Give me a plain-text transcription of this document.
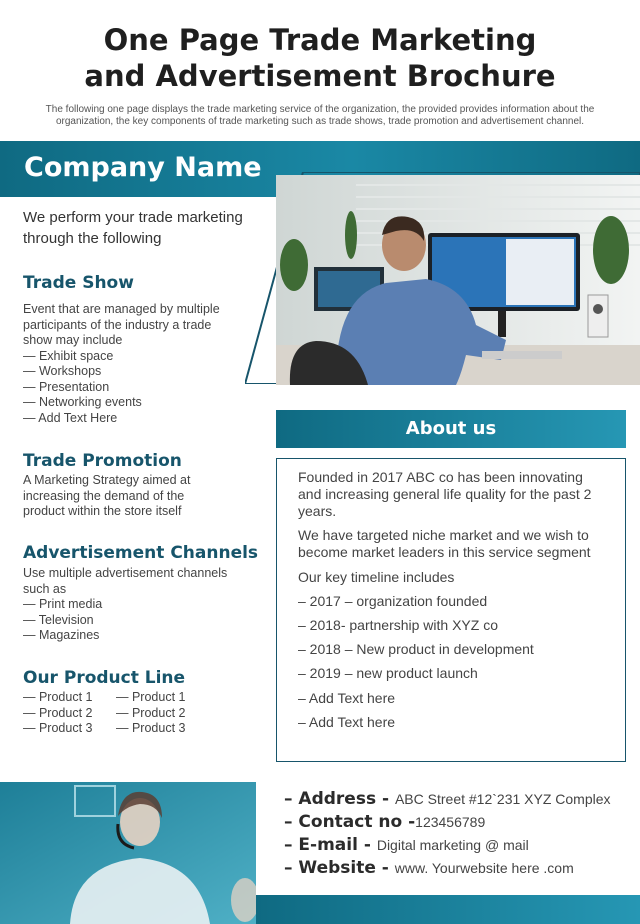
One Page Trade Marketing
and Advertisement Brochure
The following one page displays the trade marketing service of the organization, the provided provides information about the
organization, the key components of trade marketing such as trade shows, trade promotion and advertisement channel.
Company Name
We perform your trade marketing
through the following
Trade Show
Event that are managed by multiple
participants of the industry a trade
show may include
― Exhibit space
― Workshops
― Presentation
― Networking events
― Add Text Here
Trade Promotion
A Marketing Strategy aimed at
increasing the demand of the
product within the store itself
Advertisement Channels
Use multiple advertisement channels
such as
― Print media
― Television
― Magazines
Our Product Line
― Product 1
― Product 2
― Product 3
― Product 1
― Product 2
― Product 3
About us
Founded in 2017 ABC co has been innovating
and increasing general life quality for the past 2
years.
We have targeted niche market and we wish to
become market leaders in this service segment
Our key timeline includes
– 2017 – organization founded
– 2018- partnership with XYZ co
– 2018 – New product in development
– 2019 – new product launch
– Add Text here
– Add Text here
– Address - ABC Street #12`231 XYZ Complex
– Contact no -123456789
– E-mail - Digital marketing @ mail
– Website - www. Yourwebsite here .com
